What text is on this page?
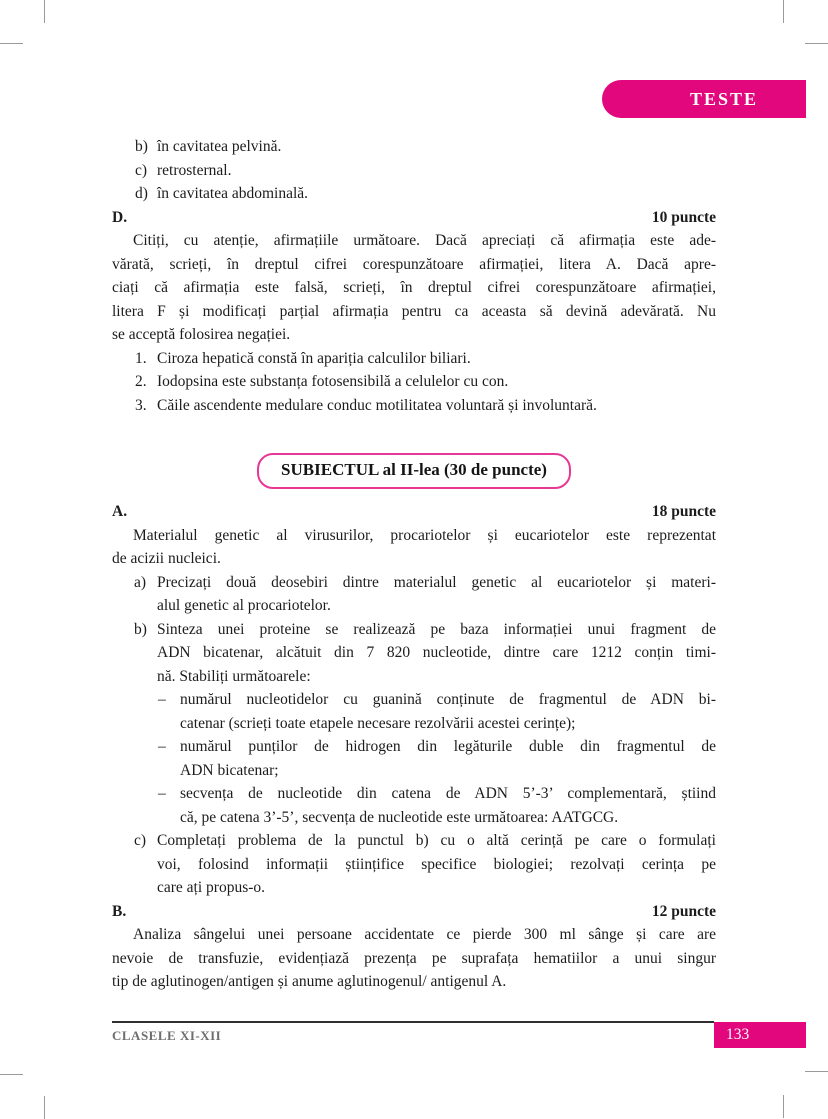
TESTE
b) în cavitatea pelvină.
c) retrosternal.
d) în cavitatea abdominală.
D.	10 puncte
Citiți, cu atenție, afirmațiile următoare. Dacă apreciați că afirmația este ade-
vărată, scrieți, în dreptul cifrei corespunzătoare afirmației, litera A. Dacă apre-
ciați că afirmația este falsă, scrieți, în dreptul cifrei corespunzătoare afirmației,
litera F și modificați parțial afirmația pentru ca aceasta să devină adevărată. Nu
se acceptă folosirea negației.
1. Ciroza hepatică constă în apariția calculilor biliari.
2. Iodopsina este substanța fotosensibilă a celulelor cu con.
3. Căile ascendente medulare conduc motilitatea voluntară și involuntară.
SUBIECTUL al II-lea (30 de puncte)
A.	18 puncte
Materialul genetic al virusurilor, procariotelor și eucariotelor este reprezentat
de acizii nucleici.
a) Precizați două deosebiri dintre materialul genetic al eucariotelor și materi-
alul genetic al procariotelor.
b) Sinteza unei proteine se realizează pe baza informației unui fragment de
ADN bicatenar, alcătuit din 7 820 nucleotide, dintre care 1212 conțin timi-
nă. Stabiliți următoarele:
– numărul nucleotidelor cu guanină conținute de fragmentul de ADN bi-
catenar (scrieți toate etapele necesare rezolvării acestei cerințe);
– numărul punților de hidrogen din legăturile duble din fragmentul de
ADN bicatenar;
– secvența de nucleotide din catena de ADN 5’-3’ complementară, știind
că, pe catena 3’-5’, secvența de nucleotide este următoarea: AATGCG.
c) Completați problema de la punctul b) cu o altă cerință pe care o formulați
voi, folosind informații științifice specifice biologiei; rezolvați cerința pe
care ați propus-o.
B.	12 puncte
Analiza sângelui unei persoane accidentate ce pierde 300 ml sânge și care are
nevoie de transfuzie, evidențiază prezența pe suprafața hematiilor a unui singur
tip de aglutinogen/antigen și anume aglutinogenul/ antigenul A.
CLASELE XI-XII	133
